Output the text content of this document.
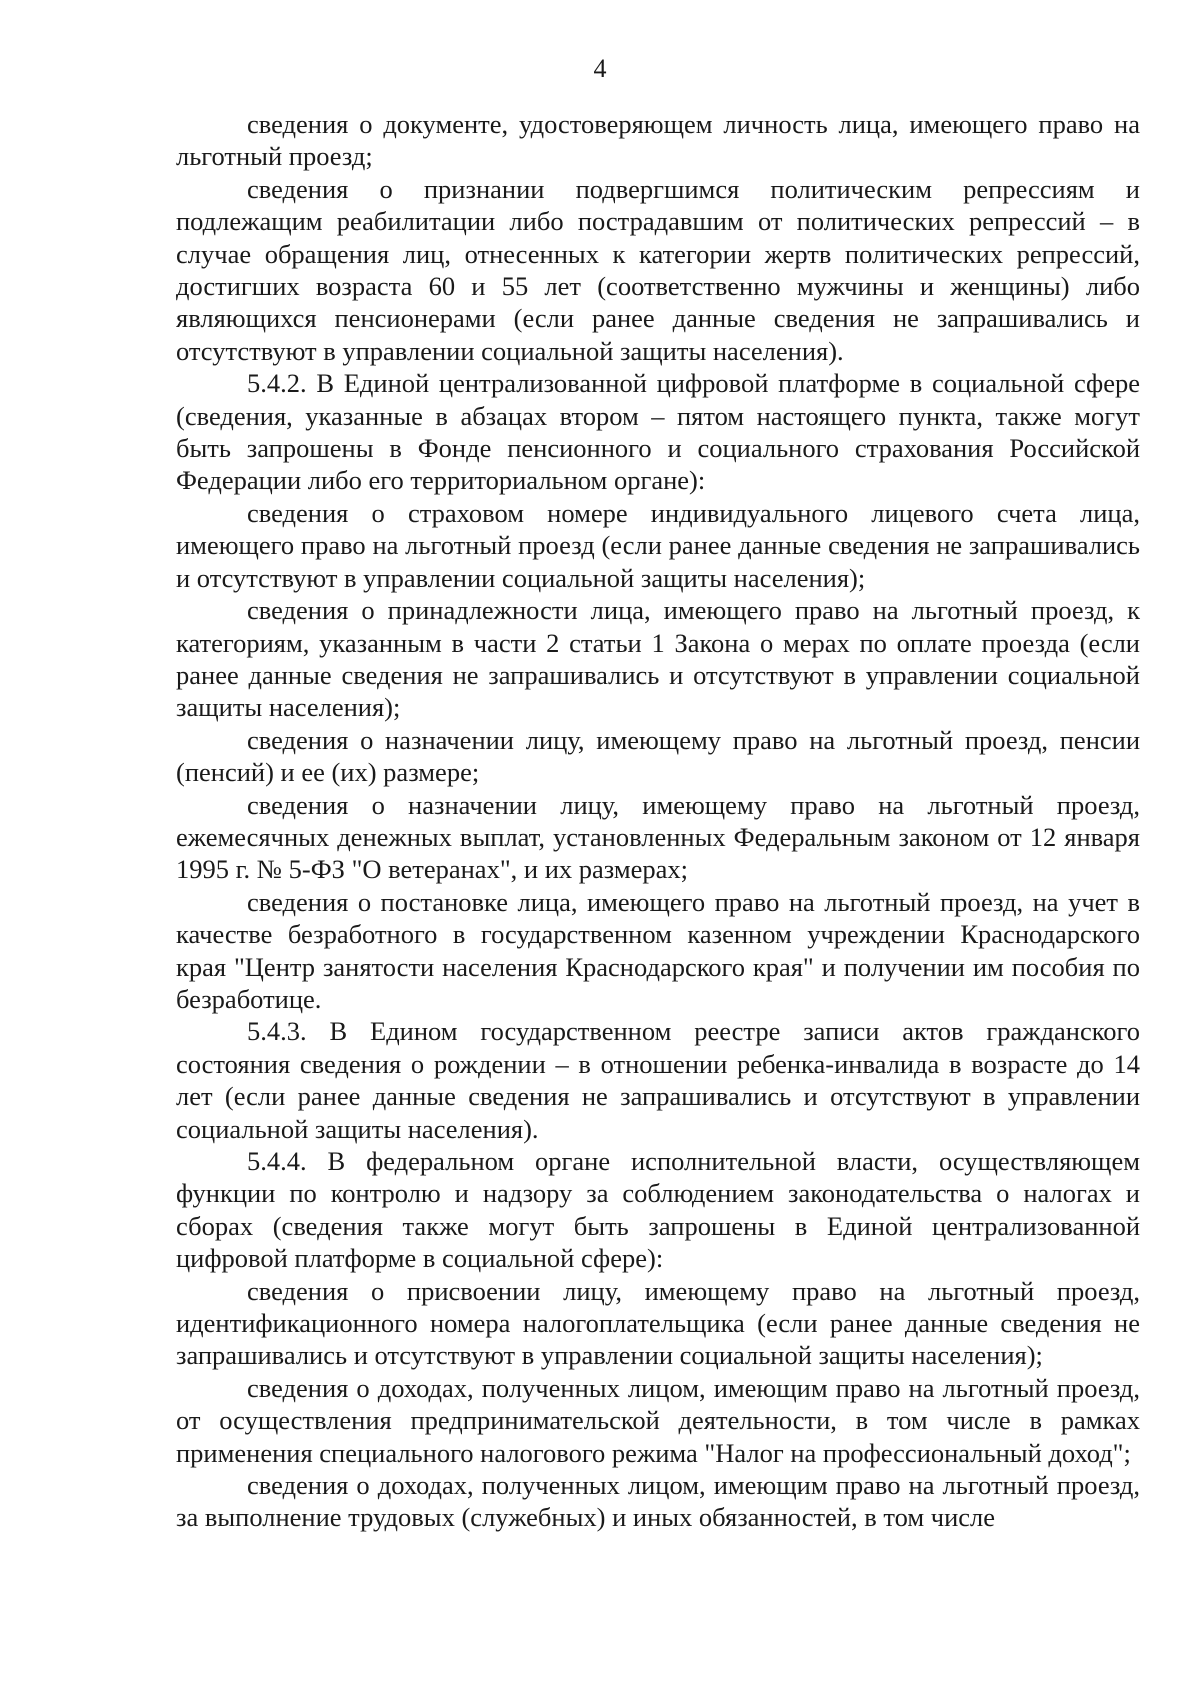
4

сведения о документе, удостоверяющем личность лица, имеющего право на льготный проезд;

сведения о признании подвергшимся политическим репрессиям и подлежащим реабилитации либо пострадавшим от политических репрессий – в случае обращения лиц, отнесенных к категории жертв политических репрессий, достигших возраста 60 и 55 лет (соответственно мужчины и женщины) либо являющихся пенсионерами (если ранее данные сведения не запрашивались и отсутствуют в управлении социальной защиты населения).

5.4.2. В Единой централизованной цифровой платформе в социальной сфере (сведения, указанные в абзацах втором – пятом настоящего пункта, также могут быть запрошены в Фонде пенсионного и социального страхования Российской Федерации либо его территориальном органе):

сведения о страховом номере индивидуального лицевого счета лица, имеющего право на льготный проезд (если ранее данные сведения не запрашивались и отсутствуют в управлении социальной защиты населения);

сведения о принадлежности лица, имеющего право на льготный проезд, к категориям, указанным в части 2 статьи 1 Закона о мерах по оплате проезда (если ранее данные сведения не запрашивались и отсутствуют в управлении социальной защиты населения);

сведения о назначении лицу, имеющему право на льготный проезд, пенсии (пенсий) и ее (их) размере;

сведения о назначении лицу, имеющему право на льготный проезд, ежемесячных денежных выплат, установленных Федеральным законом от 12 января 1995 г. № 5-ФЗ "О ветеранах", и их размерах;

сведения о постановке лица, имеющего право на льготный проезд, на учет в качестве безработного в государственном казенном учреждении Краснодарского края "Центр занятости населения Краснодарского края" и получении им пособия по безработице.

5.4.3. В Едином государственном реестре записи актов гражданского состояния сведения о рождении – в отношении ребенка-инвалида в возрасте до 14 лет (если ранее данные сведения не запрашивались и отсутствуют в управлении социальной защиты населения).

5.4.4. В федеральном органе исполнительной власти, осуществляющем функции по контролю и надзору за соблюдением законодательства о налогах и сборах (сведения также могут быть запрошены в Единой централизованной цифровой платформе в социальной сфере):

сведения о присвоении лицу, имеющему право на льготный проезд, идентификационного номера налогоплательщика (если ранее данные сведения не запрашивались и отсутствуют в управлении социальной защиты населения);

сведения о доходах, полученных лицом, имеющим право на льготный проезд, от осуществления предпринимательской деятельности, в том числе в рамках применения специального налогового режима "Налог на профессиональный доход";

сведения о доходах, полученных лицом, имеющим право на льготный проезд, за выполнение трудовых (служебных) и иных обязанностей, в том числе
